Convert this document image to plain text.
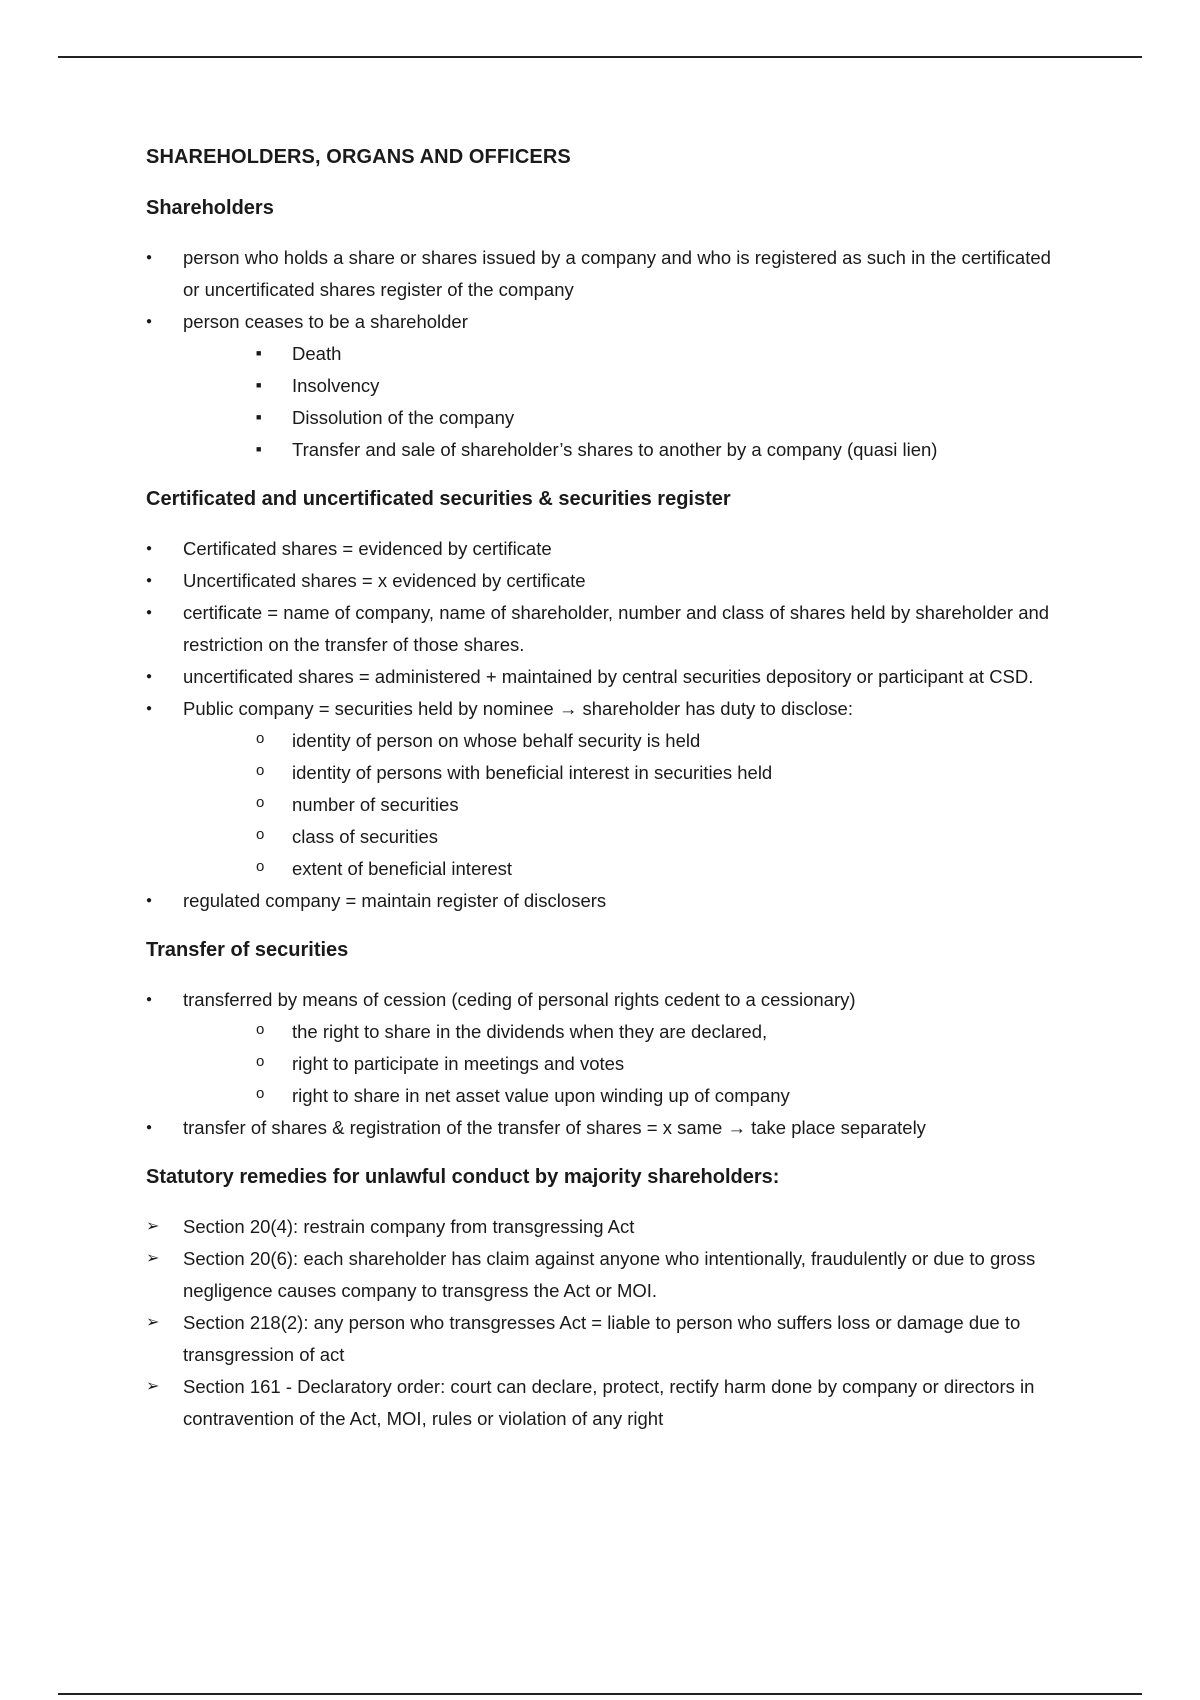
SHAREHOLDERS, ORGANS AND OFFICERS
Shareholders
●
person who holds a share or shares issued by a company and who is registered as such in the certificated or uncertificated shares register of the company
●
person ceases to be a shareholder
■
Death
■
Insolvency
■
Dissolution of the company
■
Transfer and sale of shareholder’s shares to another by a company (quasi lien)
Certificated and uncertificated securities & securities register
●
Certificated shares = evidenced by certificate
●
Uncertificated shares = x evidenced by certificate
●
certificate = name of company, name of shareholder, number and class of shares held by shareholder and restriction on the transfer of those shares.
●
uncertificated shares = administered + maintained by central securities depository or participant at CSD.
●
Public company = securities held by nominee → shareholder has duty to disclose:
o
identity of person on whose behalf security is held
o
identity of persons with beneficial interest in securities held
o
number of securities
o
class of securities
o
extent of beneficial interest
●
regulated company = maintain register of disclosers
Transfer of securities
●
transferred by means of cession (ceding of personal rights cedent to a cessionary)
o
the right to share in the dividends when they are declared,
o
right to participate in meetings and votes
o
right to share in net asset value upon winding up of company
●
transfer of shares & registration of the transfer of shares = x same → take place separately
Statutory remedies for unlawful conduct by majority shareholders:
➢
Section 20(4): restrain company from transgressing Act
➢
Section 20(6): each shareholder has claim against anyone who intentionally, fraudulently or due to gross negligence causes company to transgress the Act or MOI.
➢
Section 218(2): any person who transgresses Act = liable to person who suffers loss or damage due to transgression of act
➢
Section 161 - Declaratory order: court can declare, protect, rectify harm done by company or directors in contravention of the Act, MOI, rules or violation of any right
